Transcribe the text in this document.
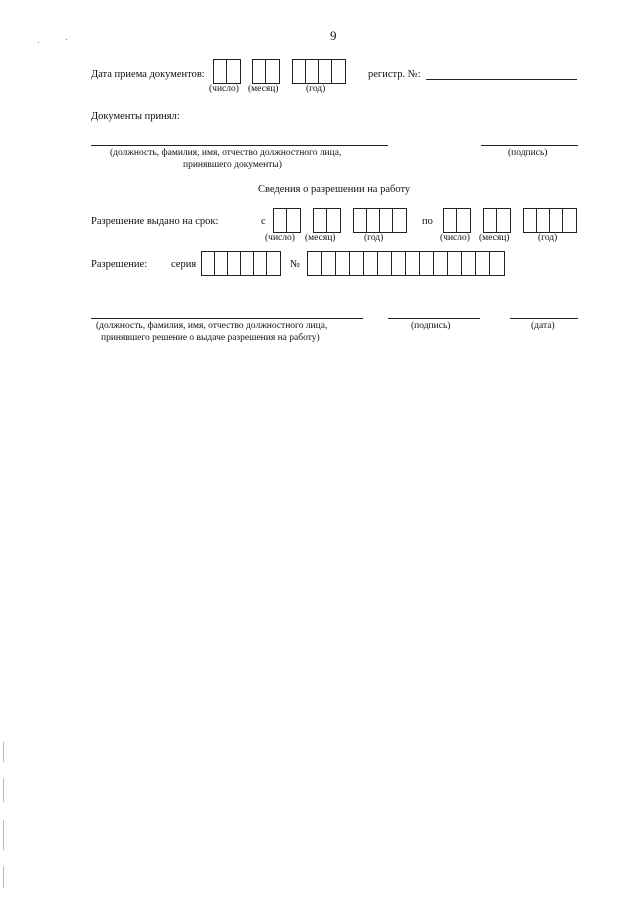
9
Дата приема документов:
(число) (месяц)	(год)
регистр. №:
Документы принял:
(должность, фамилия, имя, отчество должностного лица,
принявшего документы)
(подпись)
Сведения о разрешении на работу
Разрешение выдано на срок:	с
(число) (месяц)	(год)
по
(число) (месяц)	(год)
Разрешение: серия	№
(должность, фамилия, имя, отчество должностного лица,
принявшего решение о выдаче разрешения на работу)
(подпись)	(дата)
